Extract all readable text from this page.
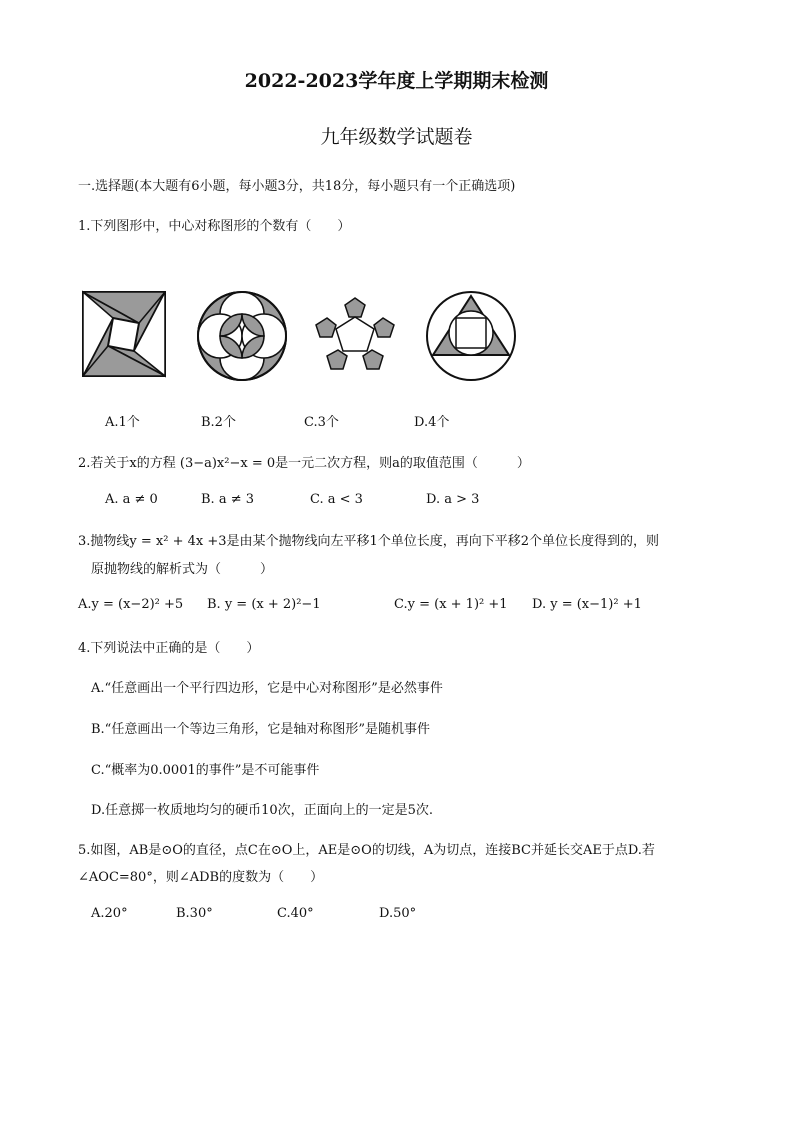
2022-2023学年度上学期期末检测
九年级数学试题卷
一.选择题(本大题有6小题，每小题3分，共18分，每小题只有一个正确选项)
1.下列图形中，中心对称图形的个数有（　　）
A.1个	B.2个	C.3个	D.4个
2.若关于x的方程 (3−a)x²−x = 0是一元二次方程，则a的取值范围（　　　）
A. a ≠ 0	B. a ≠ 3	C. a < 3	D. a > 3
3.抛物线y = x² + 4x +3是由某个抛物线向左平移1个单位长度，再向下平移2个单位长度得到的，则
原抛物线的解析式为（　　　）
A.y = (x−2)² +5 B. y = (x + 2)²−1	C.y = (x + 1)² +1 D. y = (x−1)² +1
4.下列说法中正确的是（　　）
A.“任意画出一个平行四边形，它是中心对称图形”是必然事件
B.“任意画出一个等边三角形，它是轴对称图形”是随机事件
C.“概率为0.0001的事件”是不可能事件
D.任意掷一枚质地均匀的硬币10次，正面向上的一定是5次.
5.如图，AB是⊙O的直径，点C在⊙O上，AE是⊙O的切线，A为切点，连接BC并延长交AE于点D.若
∠AOC=80°，则∠ADB的度数为（　　）
A.20°	B.30°	C.40°	D.50°
